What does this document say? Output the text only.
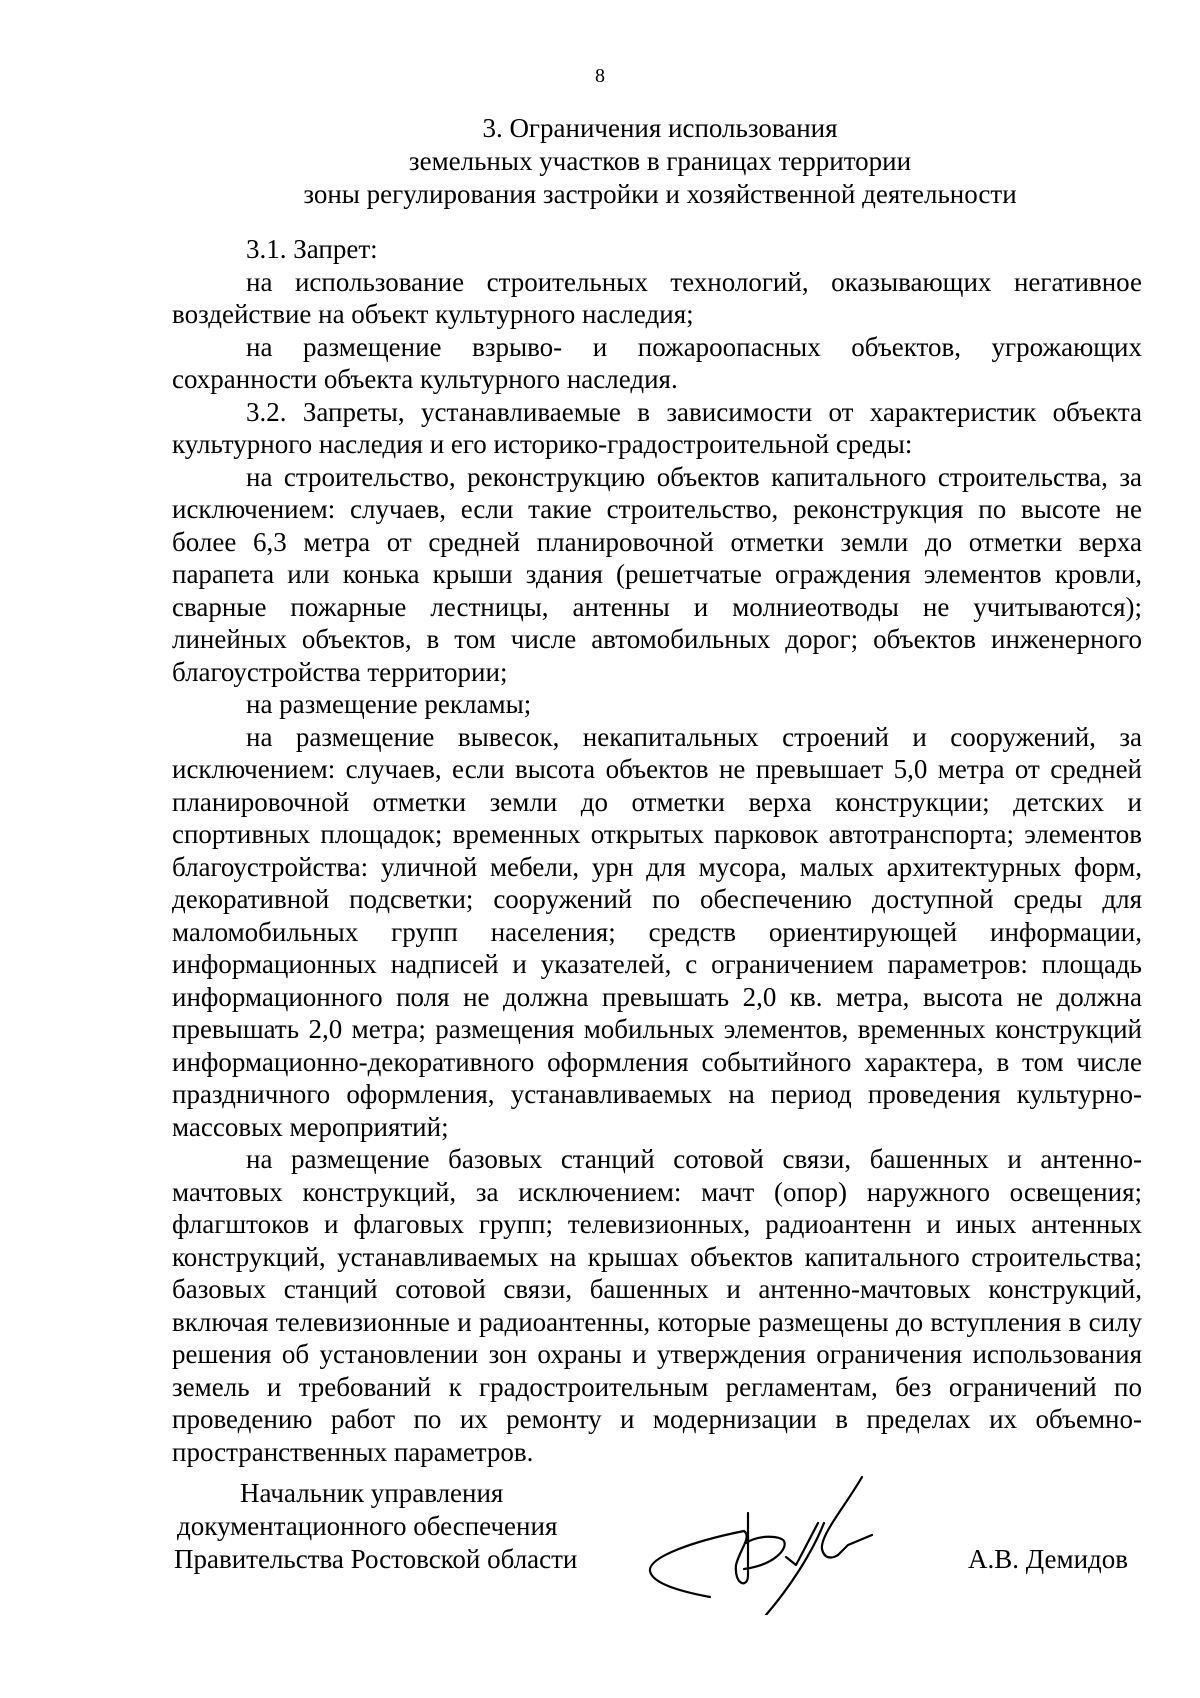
8
3. Ограничения использования
земельных участков в границах территории
зоны регулирования застройки и хозяйственной деятельности

3.1. Запрет:

на использование строительных технологий, оказывающих негативное воздействие на объект культурного наследия;

на размещение взрыво- и пожароопасных объектов, угрожающих сохранности объекта культурного наследия.

3.2. Запреты, устанавливаемые в зависимости от характеристик объекта культурного наследия и его историко-градостроительной среды:

на строительство, реконструкцию объектов капитального строительства, за исключением: случаев, если такие строительство, реконструкция по высоте не более 6,3 метра от средней планировочной отметки земли до отметки верха парапета или конька крыши здания (решетчатые ограждения элементов кровли, сварные пожарные лестницы, антенны и молниеотводы не учитываются); линейных объектов, в том числе автомобильных дорог; объектов инженерного благоустройства территории;

на размещение рекламы;

на размещение вывесок, некапитальных строений и сооружений, за исключением: случаев, если высота объектов не превышает 5,0 метра от средней планировочной отметки земли до отметки верха конструкции; детских и спортивных площадок; временных открытых парковок автотранспорта; элементов благоустройства: уличной мебели, урн для мусора, малых архитектурных форм, декоративной подсветки; сооружений по обеспечению доступной среды для маломобильных групп населения; средств ориентирующей информации, информационных надписей и указателей, с ограничением параметров: площадь информационного поля не должна превышать 2,0 кв. метра, высота не должна превышать 2,0 метра; размещения мобильных элементов, временных конструкций информационно-декоративного оформления событийного характера, в том числе праздничного оформления, устанавливаемых на период проведения культурно-массовых мероприятий;

на размещение базовых станций сотовой связи, башенных и антенно-мачтовых конструкций, за исключением: мачт (опор) наружного освещения; флагштоков и флаговых групп; телевизионных, радиоантенн и иных антенных конструкций, устанавливаемых на крышах объектов капитального строительства; базовых станций сотовой связи, башенных и антенно-мачтовых конструкций, включая телевизионные и радиоантенны, которые размещены до вступления в силу решения об установлении зон охраны и утверждения ограничения использования земель и требований к градостроительным регламентам, без ограничений по проведению работ по их ремонту и модернизации в пределах их объемно-пространственных параметров.

Начальник управления
документационного обеспечения
Правительства Ростовской области	А.В. Демидов
